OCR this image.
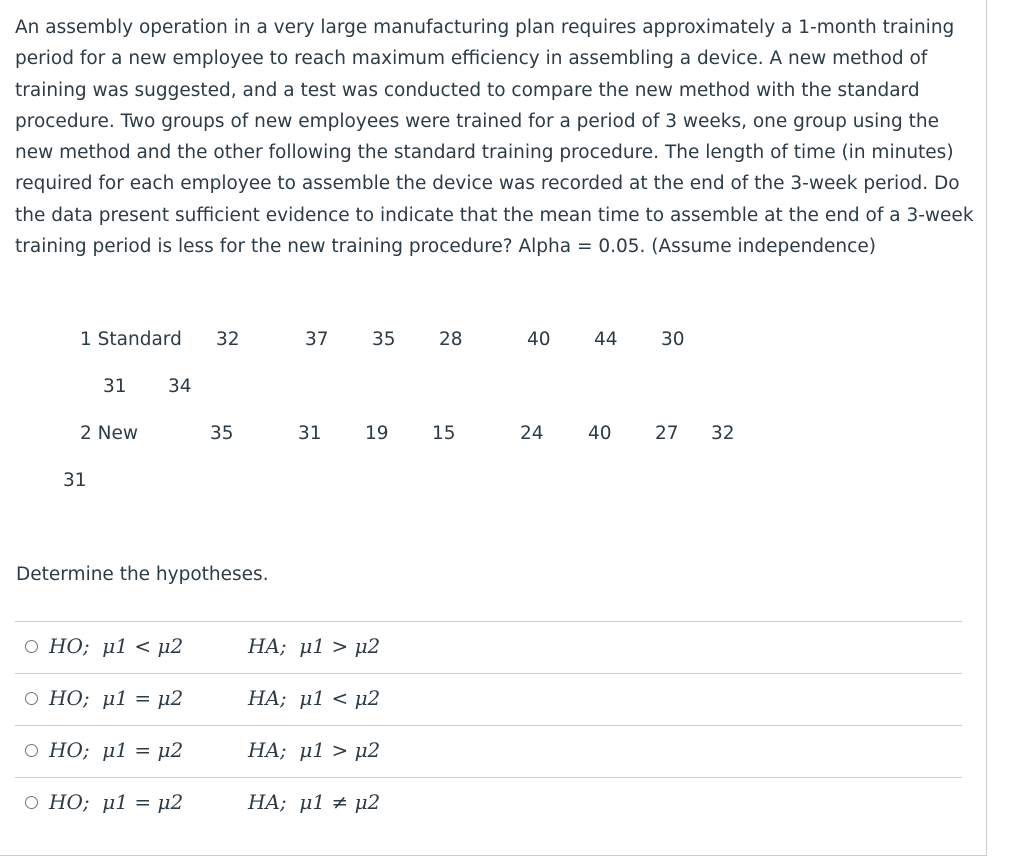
An assembly operation in a very large manufacturing plan requires approximately a 1-month training
period for a new employee to reach maximum efficiency in assembling a device. A new method of
training was suggested, and a test was conducted to compare the new method with the standard
procedure. Two groups of new employees were trained for a period of 3 weeks, one group using the
new method and the other following the standard training procedure. The length of time (in minutes)
required for each employee to assemble the device was recorded at the end of the 3-week period. Do
the data present sufficient evidence to indicate that the mean time to assemble at the end of a 3-week
training period is less for the new training procedure? Alpha = 0.05. (Assume independence)
1 Standard 32	37 35 28	40 44 30
31 34
2 New	35	31 19 15	24 40 27 32
31

Determine the hypotheses.

HO; μ1 < μ2	HA; μ1 > μ2
HO; μ1 = μ2	HA; μ1 < μ2
HO; μ1 = μ2	HA; μ1 > μ2
HO; μ1 = μ2	HA; μ1 ≠ μ2
